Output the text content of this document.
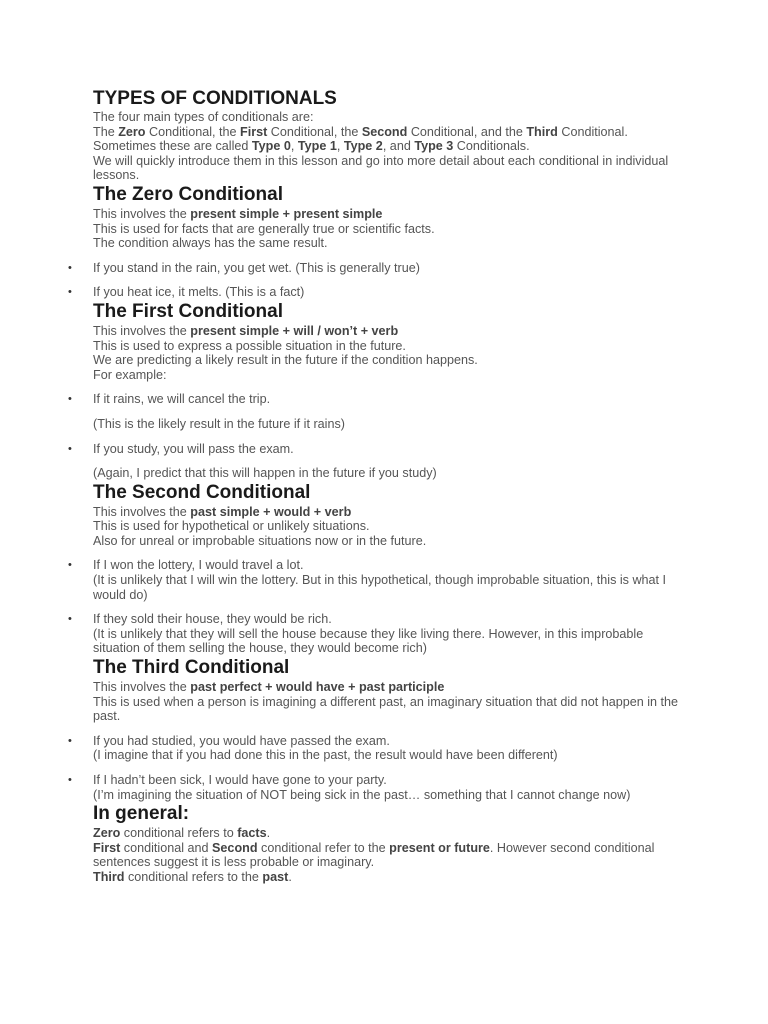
TYPES OF CONDITIONALS
The four main types of conditionals are:
The Zero Conditional, the First Conditional, the Second Conditional, and the Third Conditional.
Sometimes these are called Type 0, Type 1, Type 2, and Type 3 Conditionals.
We will quickly introduce them in this lesson and go into more detail about each conditional in individual lessons.
The Zero Conditional
This involves the present simple + present simple
This is used for facts that are generally true or scientific facts.
The condition always has the same result.
• If you stand in the rain, you get wet. (This is generally true)
• If you heat ice, it melts. (This is a fact)
The First Conditional
This involves the present simple + will / won’t + verb
This is used to express a possible situation in the future.
We are predicting a likely result in the future if the condition happens.
For example:
• If it rains, we will cancel the trip.
(This is the likely result in the future if it rains)
• If you study, you will pass the exam.
(Again, I predict that this will happen in the future if you study)
The Second Conditional
This involves the past simple + would + verb
This is used for hypothetical or unlikely situations.
Also for unreal or improbable situations now or in the future.
• If I won the lottery, I would travel a lot.
(It is unlikely that I will win the lottery. But in this hypothetical, though improbable situation, this is what I would do)
• If they sold their house, they would be rich.
(It is unlikely that they will sell the house because they like living there. However, in this improbable situation of them selling the house, they would become rich)
The Third Conditional
This involves the past perfect + would have + past participle
This is used when a person is imagining a different past, an imaginary situation that did not happen in the past.
• If you had studied, you would have passed the exam.
(I imagine that if you had done this in the past, the result would have been different)
• If I hadn’t been sick, I would have gone to your party.
(I’m imagining the situation of NOT being sick in the past… something that I cannot change now)
In general:
Zero conditional refers to facts.
First conditional and Second conditional refer to the present or future. However second conditional sentences suggest it is less probable or imaginary.
Third conditional refers to the past.
